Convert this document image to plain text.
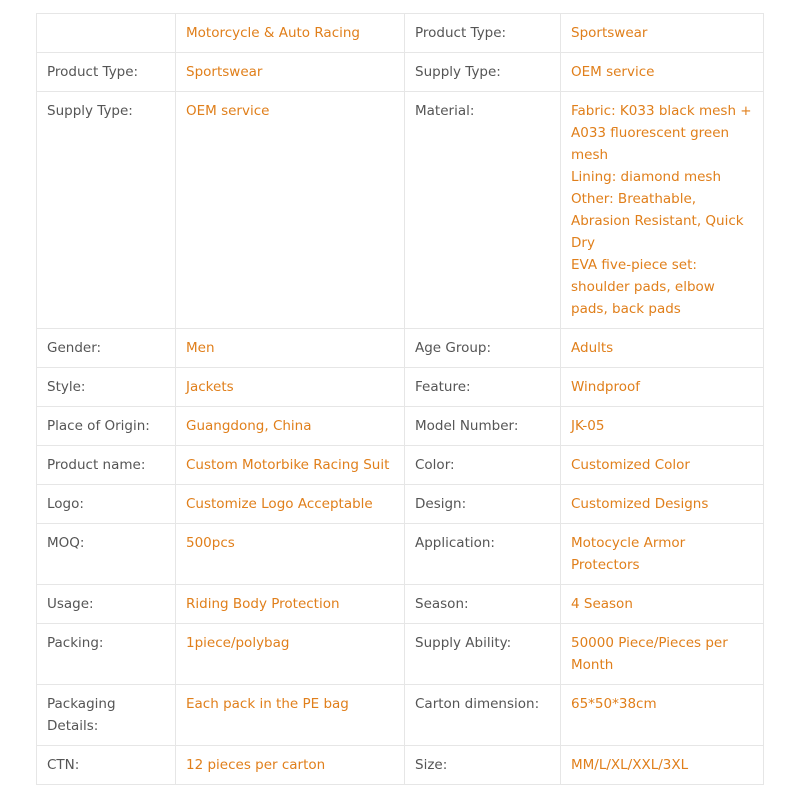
	Motorcycle & Auto Racing	Product Type:	Sportswear

Product Type:	Sportswear	Supply Type:	OEM service

Supply Type:	OEM service	Material:	Fabric: K033 black mesh + A033 fluorescent green mesh
Lining: diamond mesh
Other: Breathable, Abrasion Resistant, Quick Dry
EVA five-piece set: shoulder pads, elbow pads, back pads

Gender:	Men	Age Group:	Adults

Style:	Jackets	Feature:	Windproof

Place of Origin:	Guangdong, China	Model Number:	JK-05

Product name:	Custom Motorbike Racing Suit	Color:	Customized Color

Logo:	Customize Logo Acceptable	Design:	Customized Designs

MOQ:	500pcs	Application:	Motocycle Armor Protectors

Usage:	Riding Body Protection	Season:	4 Season

Packing:	1piece/polybag	Supply Ability:	50000 Piece/Pieces per Month

Packaging Details:	Each pack in the PE bag	Carton dimension:	65*50*38cm

CTN:	12 pieces per carton	Size:	MM/L/XL/XXL/3XL
